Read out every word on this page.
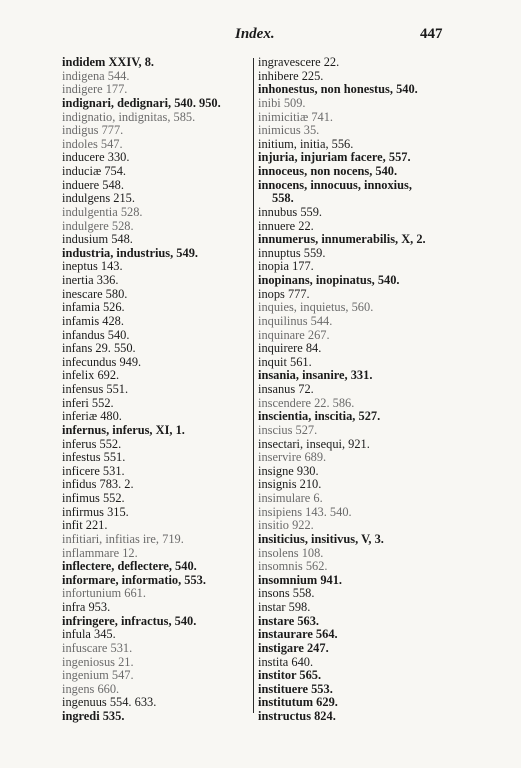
Index.	447
indidem XXIV, 8.
indigena 544.
indigere 177.
indignari, dedignari, 540. 950.
indignatio, indignitas, 585.
indigus 777.
indoles 547.
inducere 330.
induciæ 754.
induere 548.
indulgens 215.
indulgentia 528.
indulgere 528.
indusium 548.
industria, industrius, 549.
ineptus 143.
inertia 336.
inescare 580.
infamia 526.
infamis 428.
infandus 540.
infans 29. 550.
infecundus 949.
infelix 692.
infensus 551.
inferi 552.
inferiæ 480.
infernus, inferus, XI, 1.
inferus 552.
infestus 551.
inficere 531.
infidus 783. 2.
infimus 552.
infirmus 315.
infit 221.
infitiari, infitias ire, 719.
inflammare 12.
inflectere, deflectere, 540.
informare, informatio, 553.
infortunium 661.
infra 953.
infringere, infractus, 540.
infula 345.
infuscare 531.
ingeniosus 21.
ingenium 547.
ingens 660.
ingenuus 554. 633.
ingredi 535.
ingravescere 22.
inhibere 225.
inhonestus, non honestus, 540.
inibi 509.
inimicitiæ 741.
inimicus 35.
initium, initia, 556.
injuria, injuriam facere, 557.
innoceus, non nocens, 540.
innocens, innocuus, innoxius,
558.
innubus 559.
innuere 22.
innumerus, innumerabilis, X, 2.
innuptus 559.
inopia 177.
inopinans, inopinatus, 540.
inops 777.
inquies, inquietus, 560.
inquilinus 544.
inquinare 267.
inquirere 84.
inquit 561.
insania, insanire, 331.
insanus 72.
inscendere 22. 586.
inscientia, inscitia, 527.
inscius 527.
insectari, insequi, 921.
inservire 689.
insigne 930.
insignis 210.
insimulare 6.
insipiens 143. 540.
insitio 922.
insiticius, insitivus, V, 3.
insolens 108.
insomnis 562.
insomnium 941.
insons 558.
instar 598.
instare 563.
instaurare 564.
instigare 247.
instita 640.
institor 565.
instituere 553.
institutum 629.
instructus 824.
